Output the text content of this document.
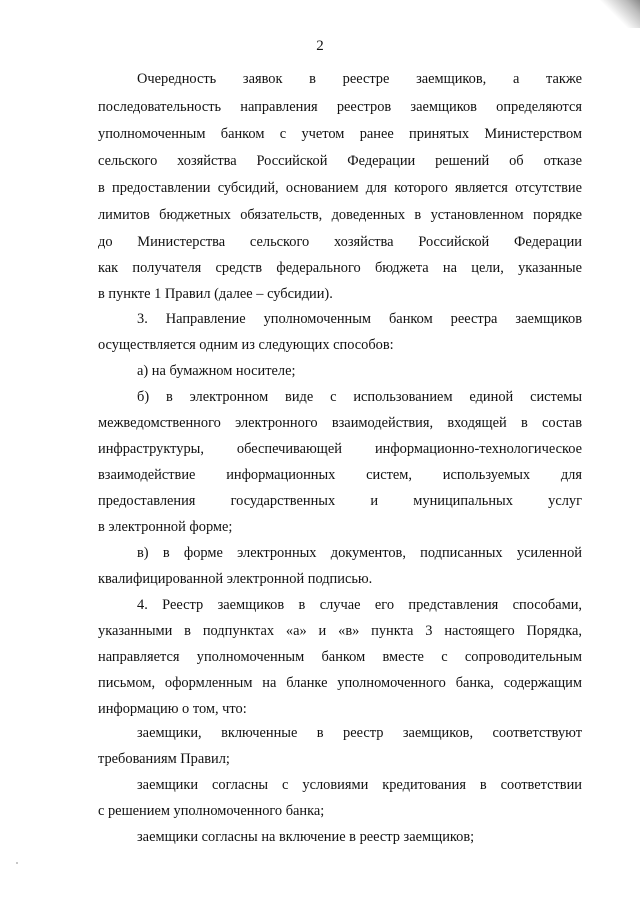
2
Очередность заявок в реестре заемщиков, а также
последовательность направления реестров заемщиков определяются
уполномоченным банком с учетом ранее принятых Министерством
сельского хозяйства Российской Федерации решений об отказе
в предоставлении субсидий, основанием для которого является отсутствие
лимитов бюджетных обязательств, доведенных в установленном порядке
до Министерства сельского хозяйства Российской Федерации
как получателя средств федерального бюджета на цели, указанные
в пункте 1 Правил (далее – субсидии).
3. Направление уполномоченным банком реестра заемщиков
осуществляется одним из следующих способов:
а) на бумажном носителе;
б) в электронном виде с использованием единой системы
межведомственного электронного взаимодействия, входящей в состав
инфраструктуры, обеспечивающей информационно-технологическое
взаимодействие информационных систем, используемых для
предоставления государственных и муниципальных услуг
в электронной форме;
в) в форме электронных документов, подписанных усиленной
квалифицированной электронной подписью.
4. Реестр заемщиков в случае его представления способами,
указанными в подпунктах «а» и «в» пункта 3 настоящего Порядка,
направляется уполномоченным банком вместе с сопроводительным
письмом, оформленным на бланке уполномоченного банка, содержащим
информацию о том, что:
заемщики, включенные в реестр заемщиков, соответствуют
требованиям Правил;
заемщики согласны с условиями кредитования в соответствии
с решением уполномоченного банка;
заемщики согласны на включение в реестр заемщиков;
